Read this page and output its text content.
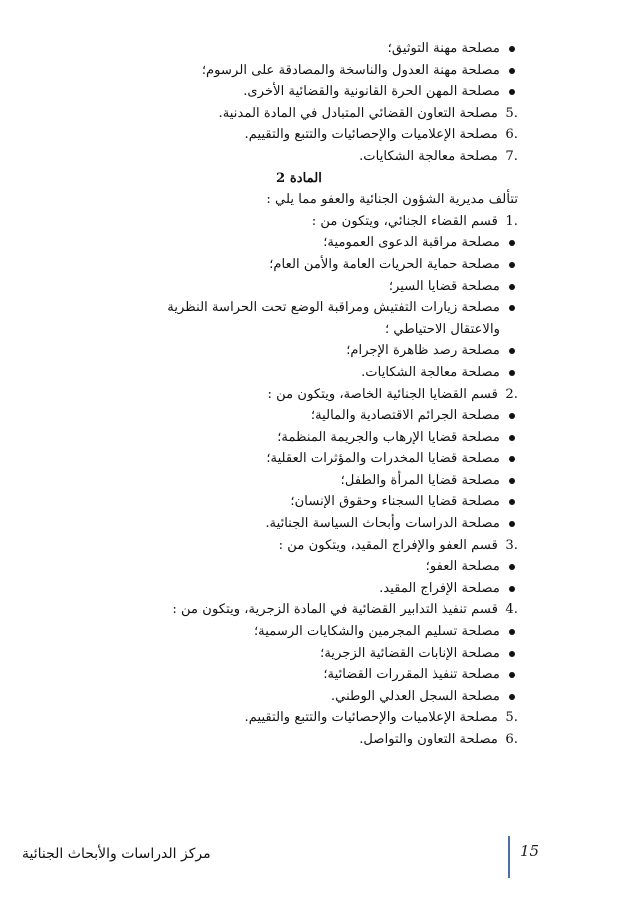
مصلحة مهنة التوثيق؛
مصلحة مهنة العدول والناسخة والمصادقة على الرسوم؛
مصلحة المهن الحرة القانونية والقضائية الأخرى.
5.
مصلحة التعاون القضائي المتبادل في المادة المدنية.
6.
مصلحة الإعلاميات والإحصائيات والتتبع والتقييم.
7.
مصلحة معالجة الشكايات.
المادة 2
تتألف مديرية الشؤون الجنائية والعفو مما يلي :
1.
قسم القضاء الجنائي، ويتكون من :
مصلحة مراقبة الدعوى العمومية؛
مصلحة حماية الحريات العامة والأمن العام؛
مصلحة قضايا السير؛
مصلحة زيارات التفتيش ومراقبة الوضع تحت الحراسة النظرية
والاعتقال الاحتياطي ؛
مصلحة رصد ظاهرة الإجرام؛
مصلحة معالجة الشكايات.
2.
قسم القضايا الجنائية الخاصة، ويتكون من :
مصلحة الجرائم الاقتصادية والمالية؛
مصلحة قضايا الإرهاب والجريمة المنظمة؛
مصلحة قضايا المخدرات والمؤثرات العقلية؛
مصلحة قضايا المرأة والطفل؛
مصلحة قضايا السجناء وحقوق الإنسان؛
مصلحة الدراسات وأبحاث السياسة الجنائية.
3.
قسم العفو والإفراج المقيد، ويتكون من :
مصلحة العفو؛
مصلحة الإفراج المقيد.
4.
قسم تنفيذ التدابير القضائية في المادة الزجرية، ويتكون من :
مصلحة تسليم المجرمين والشكايات الرسمية؛
مصلحة الإنابات القضائية الزجرية؛
مصلحة تنفيذ المقررات القضائية؛
مصلحة السجل العدلي الوطني.
5.
مصلحة الإعلاميات والإحصائيات والتتبع والتقييم.
6.
مصلحة التعاون والتواصل.
15
مركز الدراسات والأبحاث الجنائية
